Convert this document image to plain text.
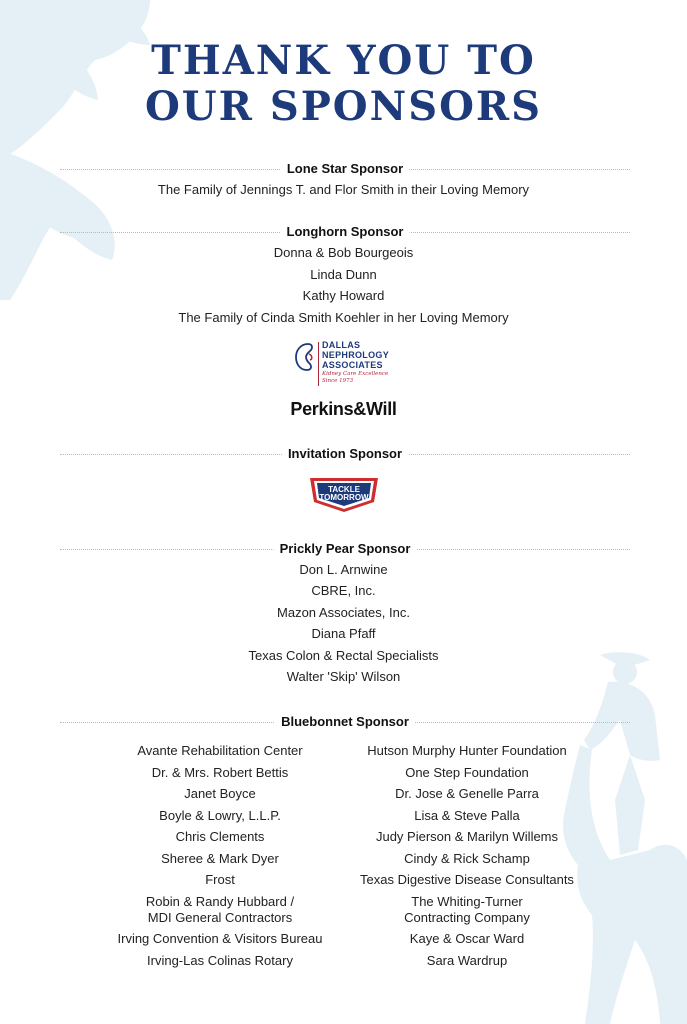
THANK YOU TO
OUR SPONSORS
Lone Star Sponsor
The Family of Jennings T. and Flor Smith in their Loving Memory
Longhorn Sponsor
Donna & Bob Bourgeois
Linda Dunn
Kathy Howard
The Family of Cinda Smith Koehler in her Loving Memory
DALLAS
NEPHROLOGY
ASSOCIATES
Kidney Care Excellence
Since 1973
Perkins&Will
Invitation Sponsor
TACKLE
TOMORROW
Prickly Pear Sponsor
Don L. Arnwine
CBRE, Inc.
Mazon Associates, Inc.
Diana Pfaff
Texas Colon & Rectal Specialists
Walter 'Skip' Wilson
Bluebonnet Sponsor
Avante Rehabilitation Center
Dr. & Mrs. Robert Bettis
Janet Boyce
Boyle & Lowry, L.L.P.
Chris Clements
Sheree & Mark Dyer
Frost
Robin & Randy Hubbard /
MDI General Contractors
Irving Convention & Visitors Bureau
Irving-Las Colinas Rotary
Hutson Murphy Hunter Foundation
One Step Foundation
Dr. Jose & Genelle Parra
Lisa & Steve Palla
Judy Pierson & Marilyn Willems
Cindy & Rick Schamp
Texas Digestive Disease Consultants
The Whiting-Turner
Contracting Company
Kaye & Oscar Ward
Sara Wardrup
